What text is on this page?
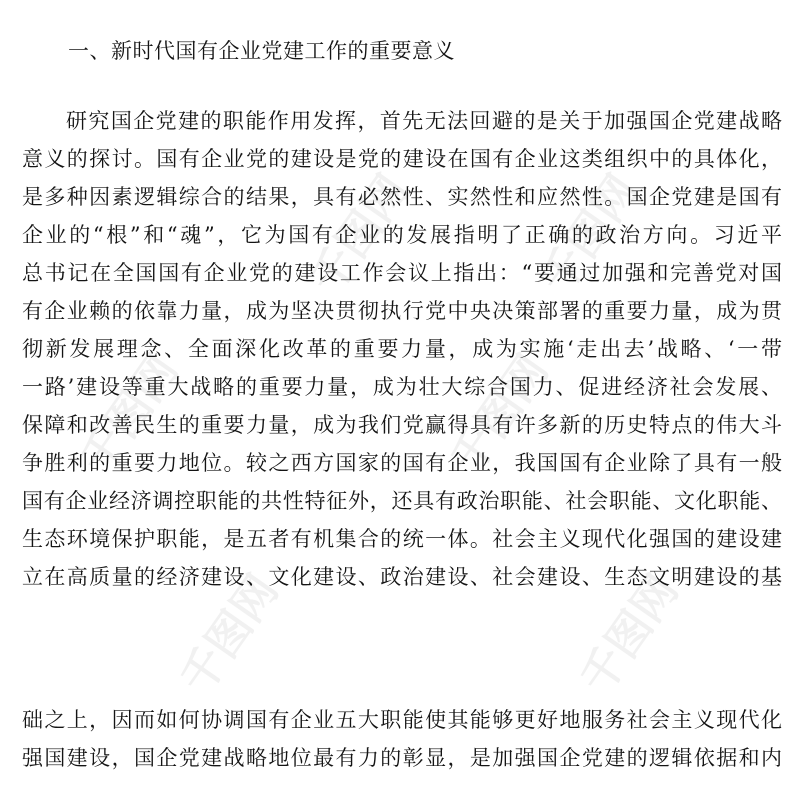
千图网	千图网
千图网	千图网
千图网	千图网
一、新时代国有企业党建工作的重要意义
研究国企党建的职能作用发挥，首先无法回避的是关于加强国企党建战略
意义的探讨。国有企业党的建设是党的建设在国有企业这类组织中的具体化，
是多种因素逻辑综合的结果，具有必然性、实然性和应然性。国企党建是国有
企业的“根”和“魂”，它为国有企业的发展指明了正确的政治方向。习近平
总书记在全国国有企业党的建设工作会议上指出：“要通过加强和完善党对国
有企业赖的依靠力量，成为坚决贯彻执行党中央决策部署的重要力量，成为贯
彻新发展理念、全面深化改革的重要力量，成为实施‘走出去’战略、‘一带
一路’建设等重大战略的重要力量，成为壮大综合国力、促进经济社会发展、
保障和改善民生的重要力量，成为我们党赢得具有许多新的历史特点的伟大斗
争胜利的重要力地位。较之西方国家的国有企业，我国国有企业除了具有一般
国有企业经济调控职能的共性特征外，还具有政治职能、社会职能、文化职能、
生态环境保护职能，是五者有机集合的统一体。社会主义现代化强国的建设建
立在高质量的经济建设、文化建设、政治建设、社会建设、生态文明建设的基
础之上，因而如何协调国有企业五大职能使其能够更好地服务社会主义现代化
强国建设，国企党建战略地位最有力的彰显，是加强国企党建的逻辑依据和内
